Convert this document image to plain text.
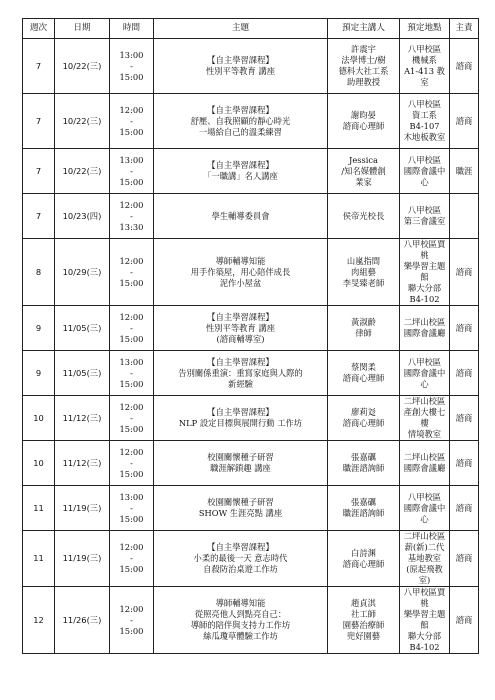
週次	日期	時間	主題	預定主講人	預定地點	主責
7	10/22(三)	13:00
-
15:00	【自主學習課程】
性別平等教育 講座	許震宇
法學博士/樹
德科大社工系
助理教授	八甲校區
機械系
A1-413 教室	諮商
7	10/22(三)	12:00
-
15:00	【自主學習課程】
舒壓、自我照顧的靜心時光
一場給自己的溫柔練習	謝昀晏
諮商心理師	八甲校區
資工系
B4-107
木地板教室	諮商
7	10/22(三)	13:00
-
15:00	【自主學習課程】
「一職講」名人講座	Jessica
/知名媒體創
業家	八甲校區
國際會議中心	職涯
7	10/23(四)	12:00
-
13:30	學生輔導委員會	侯帝光校長	八甲校區
第三會議室	
8	10/29(三)	12:00
-
15:00	導師輔導知能
用手作築屋，用心陪伴成長
泥作小屋盆	山嵐指間
肉組藝
李旻臻老師	八甲校區賈桃
樂學習主題館
聯大分部
B4-102	諮商
9	11/05(三)	12:00
-
15:00	【自主學習課程】
性別平等教育 講座
(諮商輔導室)	黃淑齡
律師	二坪山校區
國際會議廳	諮商
9	11/05(三)	13:00
-
15:00	【自主學習課程】
告別關係重演：重寫家庭與人際的
新經驗	蔡閔柔
諮商心理師	八甲校區
國際會議中心	諮商
10	11/12(三)	12:00
-
15:00	【自主學習課程】
NLP 設定目標與展開行動 工作坊	廖莉彣
諮商心理師	二坪山校區
產創大樓七樓
情境教室	諮商
10	11/12(三)	12:00
-
15:00	校園關懷種子研習
職涯解鎖趣 講座	張嘉礪
職涯諮詢師	二坪山校區
國際會議廳	諮商
11	11/19(三)	13:00
-
15:00	校園關懷種子研習
SHOW 生涯亮點 講座	張嘉礪
職涯諮詢師	八甲校區
國際會議中心	諮商
11	11/19(三)	12:00
-
15:00	【自主學習課程】
小柔的最後一天 意志時代
自殺防治桌遊工作坊	白詩渊
諮商心理師	二坪山校區
薪(新)二代
基地教室
(原起飛教室)	諮商
12	11/26(三)	12:00
-
15:00	導師輔導知能
從照亮他人到點亮自己：
導師的陪伴與支持力工作坊
絲瓜瓊草體驗工作坊	趙貞淇
社工師
園藝治療師
兜好園藝	八甲校區賈桃
樂學習主題館
聯大分部
B4-102	諮商
